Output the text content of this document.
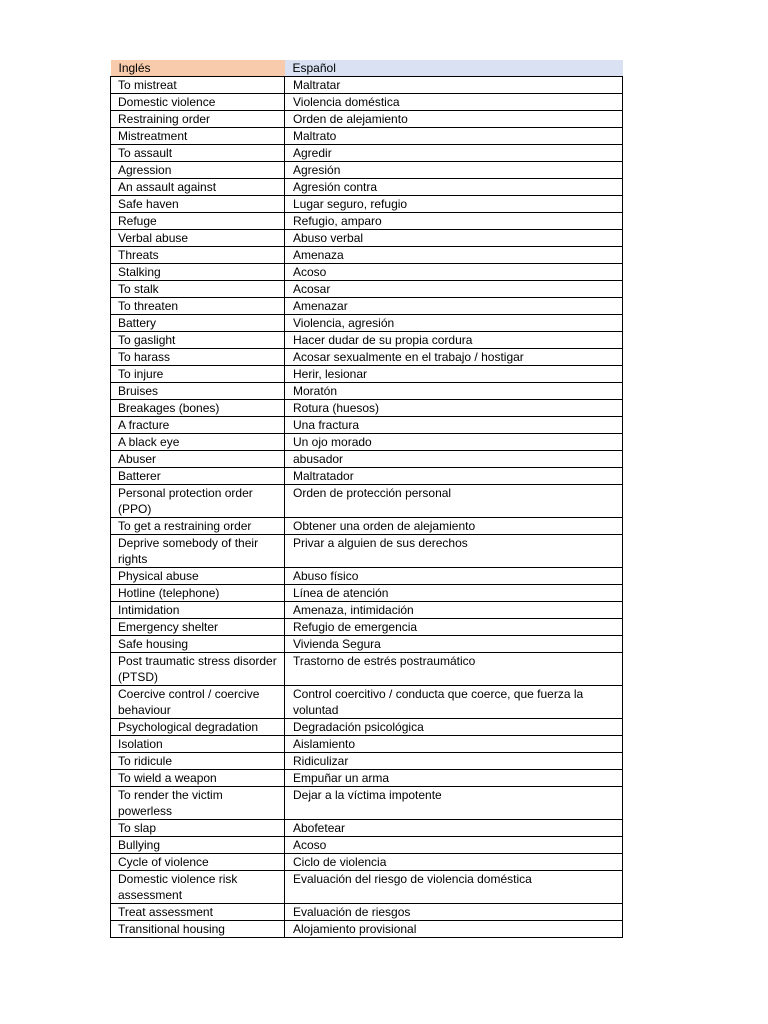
Inglés	Español
To mistreat	Maltratar
Domestic violence	Violencia doméstica
Restraining order	Orden de alejamiento
Mistreatment	Maltrato
To assault	Agredir
Agression	Agresión
An assault against	Agresión contra
Safe haven	Lugar seguro, refugio
Refuge	Refugio, amparo
Verbal abuse	Abuso verbal
Threats	Amenaza
Stalking	Acoso
To stalk	Acosar
To threaten	Amenazar
Battery	Violencia, agresión
To gaslight	Hacer dudar de su propia cordura
To harass	Acosar sexualmente en el trabajo / hostigar
To injure	Herir, lesionar
Bruises	Moratón
Breakages (bones)	Rotura (huesos)
A fracture	Una fractura
A black eye	Un ojo morado
Abuser	abusador
Batterer	Maltratador
Personal protection order (PPO)	Orden de protección personal
To get a restraining order	Obtener una orden de alejamiento
Deprive somebody of their rights	Privar a alguien de sus derechos
Physical abuse	Abuso físico
Hotline (telephone)	Línea de atención
Intimidation	Amenaza, intimidación
Emergency shelter	Refugio de emergencia
Safe housing	Vivienda Segura
Post traumatic stress disorder (PTSD)	Trastorno de estrés postraumático
Coercive control / coercive behaviour	Control coercitivo / conducta que coerce, que fuerza la voluntad
Psychological degradation	Degradación psicológica
Isolation	Aislamiento
To ridicule	Ridiculizar
To wield a weapon	Empuñar un arma
To render the victim powerless	Dejar a la víctima impotente
To slap	Abofetear
Bullying	Acoso
Cycle of violence	Ciclo de violencia
Domestic violence risk assessment	Evaluación del riesgo de violencia doméstica
Treat assessment	Evaluación de riesgos
Transitional housing	Alojamiento provisional
